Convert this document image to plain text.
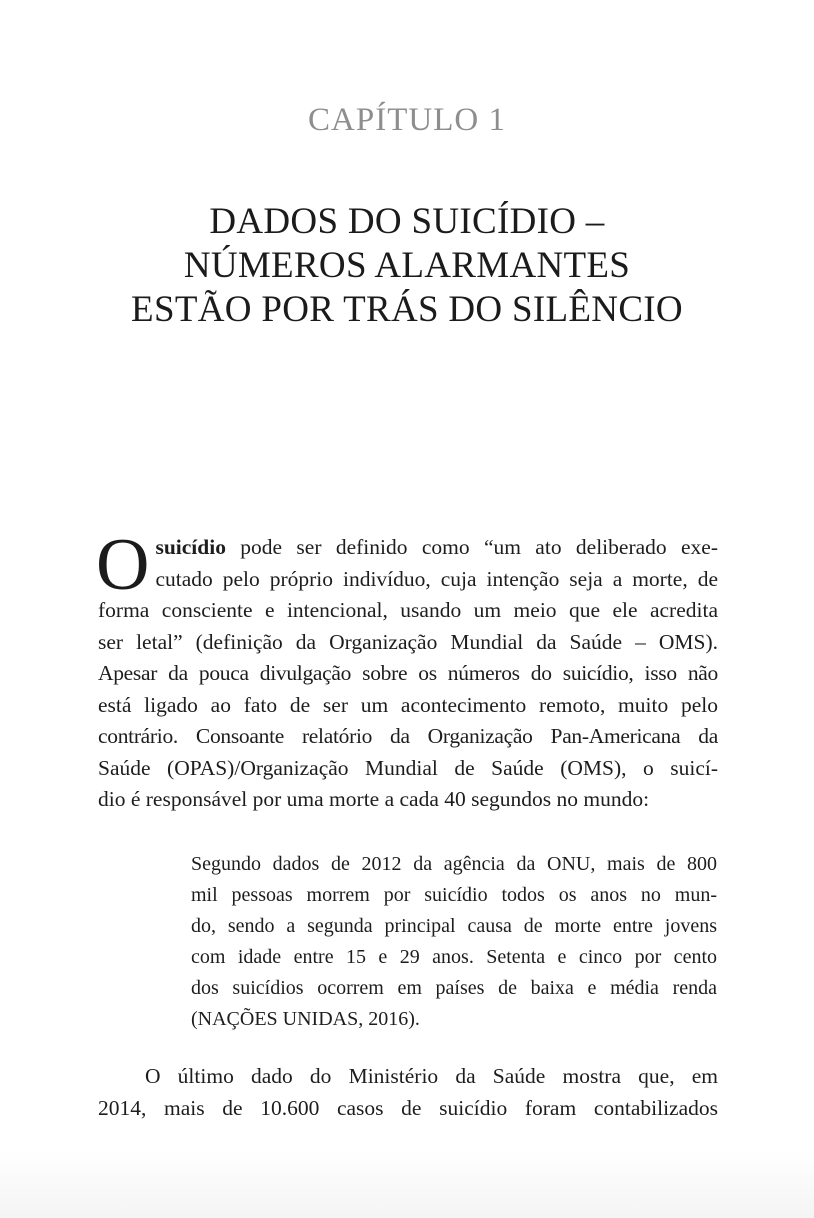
CAPÍTULO 1
DADOS DO SUICÍDIO –
NÚMEROS ALARMANTES
ESTÃO POR TRÁS DO SILÊNCIO
O suicídio pode ser definido como “um ato deliberado exe-
cutado pelo próprio indivíduo, cuja intenção seja a morte, de
forma consciente e intencional, usando um meio que ele acredita
ser letal” (definição da Organização Mundial da Saúde – OMS).
Apesar da pouca divulgação sobre os números do suicídio, isso não
está ligado ao fato de ser um acontecimento remoto, muito pelo
contrário. Consoante relatório da Organização Pan-Americana da
Saúde (OPAS)/Organização Mundial de Saúde (OMS), o suicí-
dio é responsável por uma morte a cada 40 segundos no mundo:
Segundo dados de 2012 da agência da ONU, mais de 800
mil pessoas morrem por suicídio todos os anos no mun-
do, sendo a segunda principal causa de morte entre jovens
com idade entre 15 e 29 anos. Setenta e cinco por cento
dos suicídios ocorrem em países de baixa e média renda
(NAÇÕES UNIDAS, 2016).
O último dado do Ministério da Saúde mostra que, em
2014, mais de 10.600 casos de suicídio foram contabilizados
